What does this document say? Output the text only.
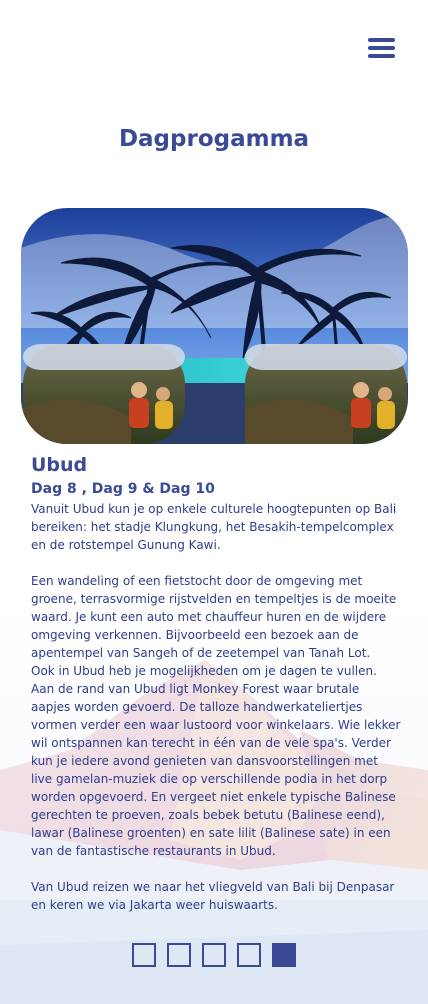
Dagprogamma
Ubud
Dag 8 , Dag 9 & Dag 10

Vanuit Ubud kun je op enkele culturele hoogtepunten op Bali bereiken: het stadje Klungkung, het Besakih-tempelcomplex en de rotstempel Gunung Kawi.

Een wandeling of een fietstocht door de omgeving met groene, terrasvormige rijstvelden en tempeltjes is de moeite waard. Je kunt een auto met chauffeur huren en de wijdere omgeving verkennen. Bijvoorbeeld een bezoek aan de apentempel van Sangeh of de zeetempel van Tanah Lot.

Ook in Ubud heb je mogelijkheden om je dagen te vullen. Aan de rand van Ubud ligt Monkey Forest waar brutale aapjes worden gevoerd. De talloze handwerkateliertjes vormen verder een waar lustoord voor winkelaars. Wie lekker wil ontspannen kan terecht in één van de vele spa's. Verder kun je iedere avond genieten van dansvoorstellingen met live gamelan-muziek die op verschillende podia in het dorp worden opgevoerd. En vergeet niet enkele typische Balinese gerechten te proeven, zoals bebek betutu (Balinese eend), lawar (Balinese groenten) en sate lilit (Balinese sate) in een van de fantastische restaurants in Ubud.

Van Ubud reizen we naar het vliegveld van Bali bij Denpasar en keren we via Jakarta weer huiswaarts.
